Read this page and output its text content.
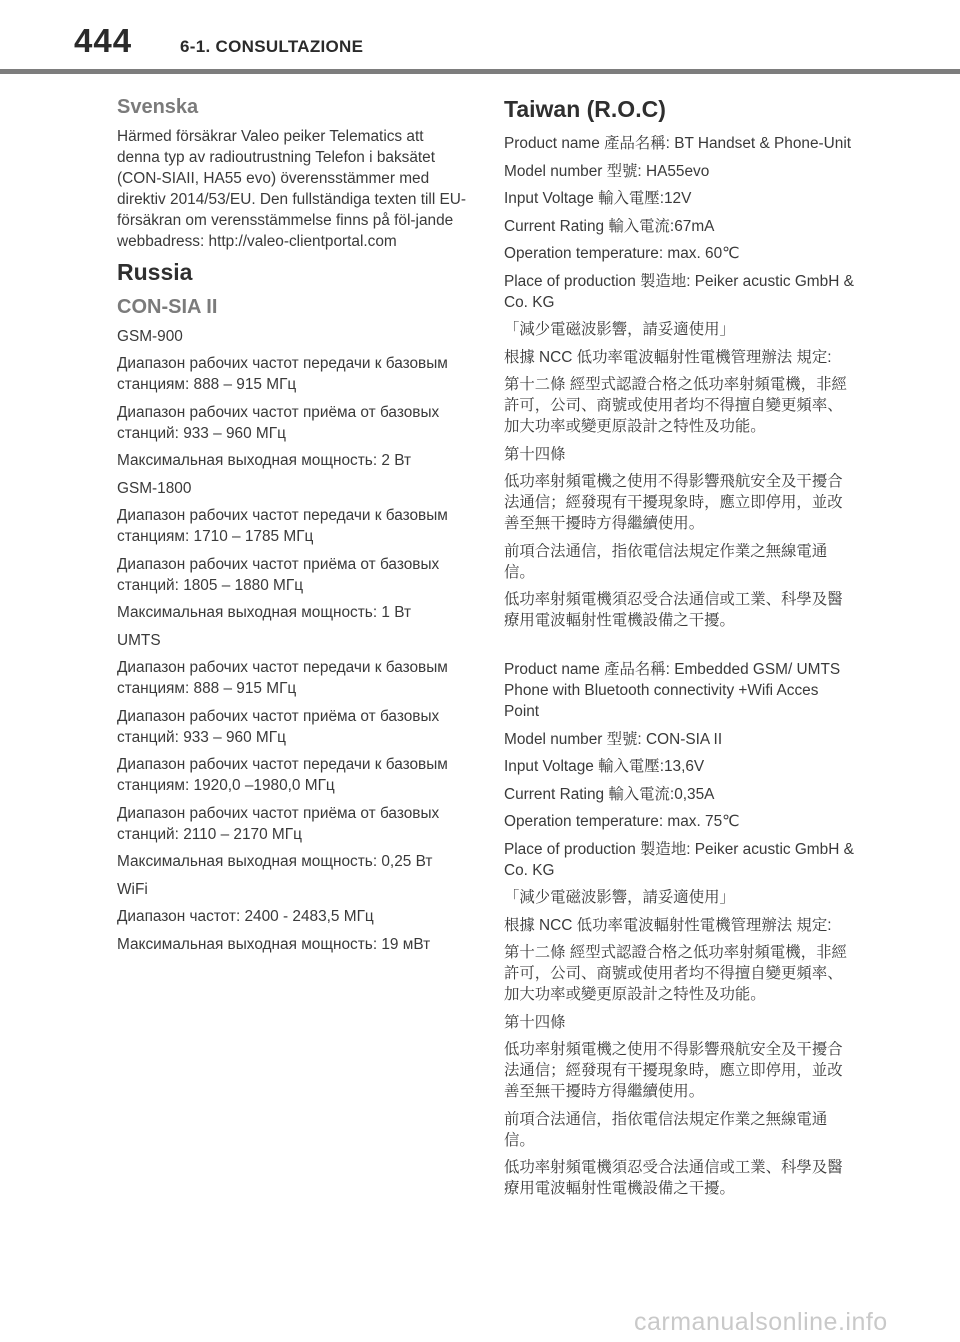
444	6-1. CONSULTAZIONE
Svenska

Härmed försäkrar Valeo peiker Telematics att denna typ av radioutrustning Telefon i baksätet (CON-SIAII, HA55 evo) överensstämmer med direktiv 2014/53/EU. Den fullständiga texten till EU-försäkran om verensstämmelse finns på föl-jande webbadress: http://valeo-clientportal.com

Russia
CON-SIA II

GSM-900

Диапазон рабочих частот передачи к базовым станциям: 888 – 915 МГц

Диапазон рабочих частот приёма от базовых станций: 933 – 960 МГц

Максимальная выходная мощность: 2 Вт

GSM-1800

Диапазон рабочих частот передачи к базовым станциям: 1710 – 1785 МГц

Диапазон рабочих частот приёма от базовых станций: 1805 – 1880 МГц

Максимальная выходная мощность: 1 Вт

UMTS

Диапазон рабочих частот передачи к базовым станциям: 888 – 915 МГц

Диапазон рабочих частот приёма от базовых станций: 933 – 960 МГц

Диапазон рабочих частот передачи к базовым станциям: 1920,0 –1980,0 МГц

Диапазон рабочих частот приёма от базовых станций: 2110 – 2170 МГц

Максимальная выходная мощность: 0,25 Вт

WiFi

Диапазон частот: 2400 - 2483,5 МГц

Максимальная выходная мощность: 19 мВт

Taiwan (R.O.C)

Product name 產品名稱: BT Handset & Phone-Unit

Model number 型號: HA55evo

Input Voltage 輸入電壓:12V

Current Rating 輸入電流:67mA

Operation temperature: max. 60℃

Place of production 製造地: Peiker acustic GmbH & Co. KG

「減少電磁波影響，請妥適使用」

根據 NCC 低功率電波輻射性電機管理辦法 規定:

第十二條 經型式認證合格之低功率射頻電機，非經許可，公司、商號或使用者均不得擅自變更頻率、加大功率或變更原設計之特性及功能。

第十四條

低功率射頻電機之使用不得影響飛航安全及干擾合法通信；經發現有干擾現象時，應立即停用，並改善至無干擾時方得繼續使用。

前項合法通信，指依電信法規定作業之無線電通信。

低功率射頻電機須忍受合法通信或工業、科學及醫療用電波輻射性電機設備之干擾。

Product name 產品名稱: Embedded GSM/ UMTS Phone with Bluetooth connectivity +Wifi Acces Point

Model number 型號: CON-SIA II

Input Voltage 輸入電壓:13,6V

Current Rating 輸入電流:0,35A

Operation temperature: max. 75℃

Place of production 製造地: Peiker acustic GmbH & Co. KG

「減少電磁波影響，請妥適使用」

根據 NCC 低功率電波輻射性電機管理辦法 規定:

第十二條 經型式認證合格之低功率射頻電機，非經許可，公司、商號或使用者均不得擅自變更頻率、加大功率或變更原設計之特性及功能。

第十四條

低功率射頻電機之使用不得影響飛航安全及干擾合法通信；經發現有干擾現象時，應立即停用，並改善至無干擾時方得繼續使用。

前項合法通信，指依電信法規定作業之無線電通信。

低功率射頻電機須忍受合法通信或工業、科學及醫療用電波輻射性電機設備之干擾。

carmanualsonline.info
